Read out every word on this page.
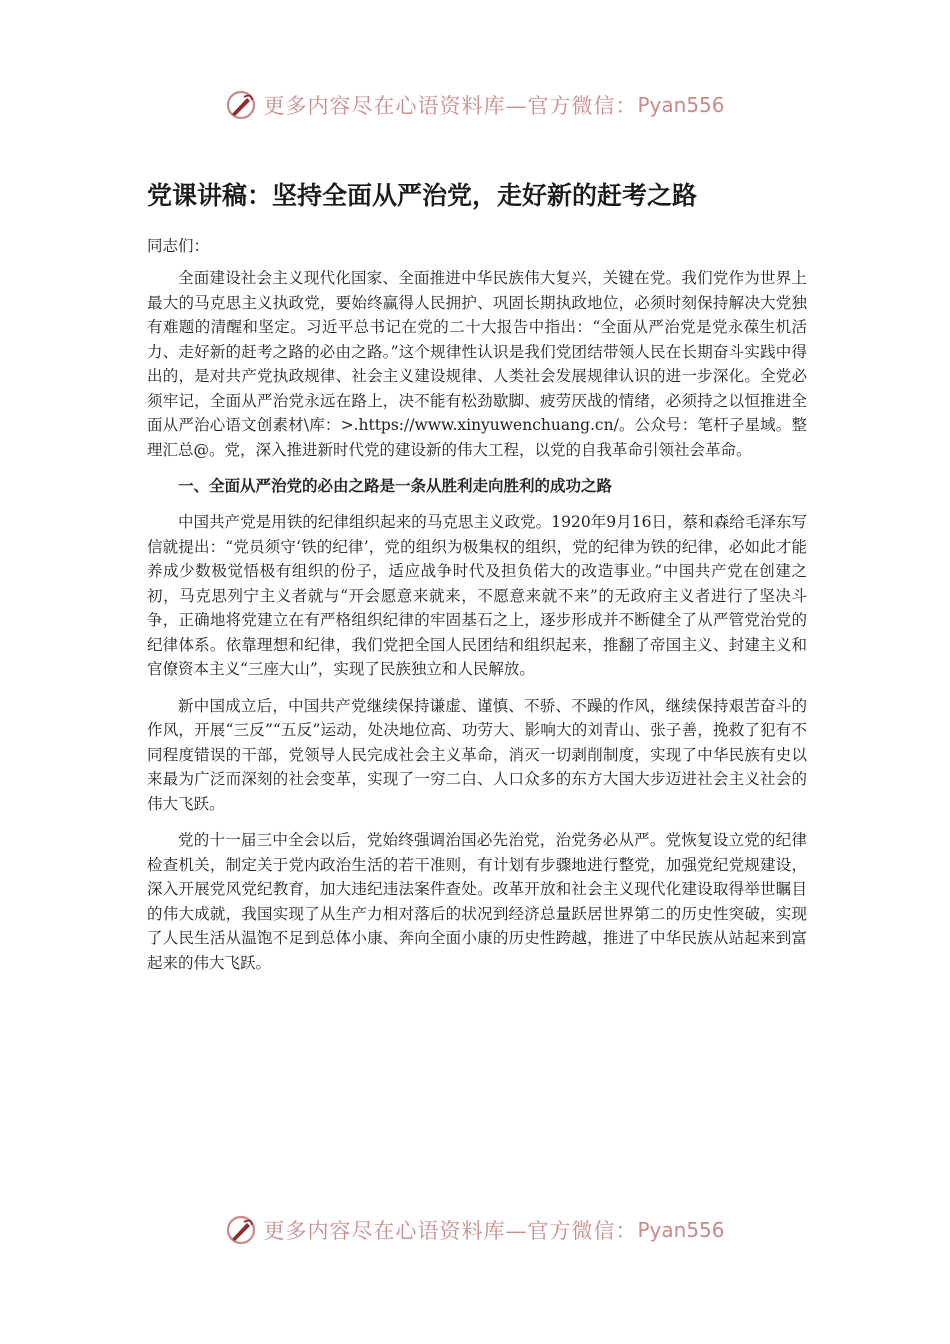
更多内容尽在心语资料库—官方微信： Pyan556
党课讲稿：坚持全面从严治党，走好新的赶考之路

同志们：

全面建设社会主义现代化国家、全面推进中华民族伟大复兴，关键在党。我们党作为世界上最大的马克思主义执政党，要始终赢得人民拥护、巩固长期执政地位，必须时刻保持解决大党独有难题的清醒和坚定。习近平总书记在党的二十大报告中指出：“全面从严治党是党永葆生机活力、走好新的赶考之路的必由之路。”这个规律性认识是我们党团结带领人民在长期奋斗实践中得出的，是对共产党执政规律、社会主义建设规律、人类社会发展规律认识的进一步深化。全党必须牢记，全面从严治党永远在路上，决不能有松劲歇脚、疲劳厌战的情绪，必须持之以恒推进全面从严治心语文创素材\库：>.https://www.xinyuwenchuang.cn/。公众号：笔杆子星域。整理汇总@。党，深入推进新时代党的建设新的伟大工程，以党的自我革命引领社会革命。

一、全面从严治党的必由之路是一条从胜利走向胜利的成功之路

中国共产党是用铁的纪律组织起来的马克思主义政党。1920年9月16日，蔡和森给毛泽东写信就提出：“党员须守‘铁的纪律’，党的组织为极集权的组织，党的纪律为铁的纪律，必如此才能养成少数极觉悟极有组织的份子，适应战争时代及担负偌大的改造事业。”中国共产党在创建之初，马克思列宁主义者就与“开会愿意来就来，不愿意来就不来”的无政府主义者进行了坚决斗争，正确地将党建立在有严格组织纪律的牢固基石之上，逐步形成并不断健全了从严管党治党的纪律体系。依靠理想和纪律，我们党把全国人民团结和组织起来，推翻了帝国主义、封建主义和官僚资本主义“三座大山”，实现了民族独立和人民解放。

新中国成立后，中国共产党继续保持谦虚、谨慎、不骄、不躁的作风，继续保持艰苦奋斗的作风，开展“三反”“五反”运动，处决地位高、功劳大、影响大的刘青山、张子善，挽救了犯有不同程度错误的干部，党领导人民完成社会主义革命，消灭一切剥削制度，实现了中华民族有史以来最为广泛而深刻的社会变革，实现了一穷二白、人口众多的东方大国大步迈进社会主义社会的伟大飞跃。

党的十一届三中全会以后，党始终强调治国必先治党，治党务必从严。党恢复设立党的纪律检查机关，制定关于党内政治生活的若干准则，有计划有步骤地进行整党，加强党纪党规建设，深入开展党风党纪教育，加大违纪违法案件查处。改革开放和社会主义现代化建设取得举世瞩目的伟大成就，我国实现了从生产力相对落后的状况到经济总量跃居世界第二的历史性突破，实现了人民生活从温饱不足到总体小康、奔向全面小康的历史性跨越，推进了中华民族从站起来到富起来的伟大飞跃。

更多内容尽在心语资料库—官方微信： Pyan556
